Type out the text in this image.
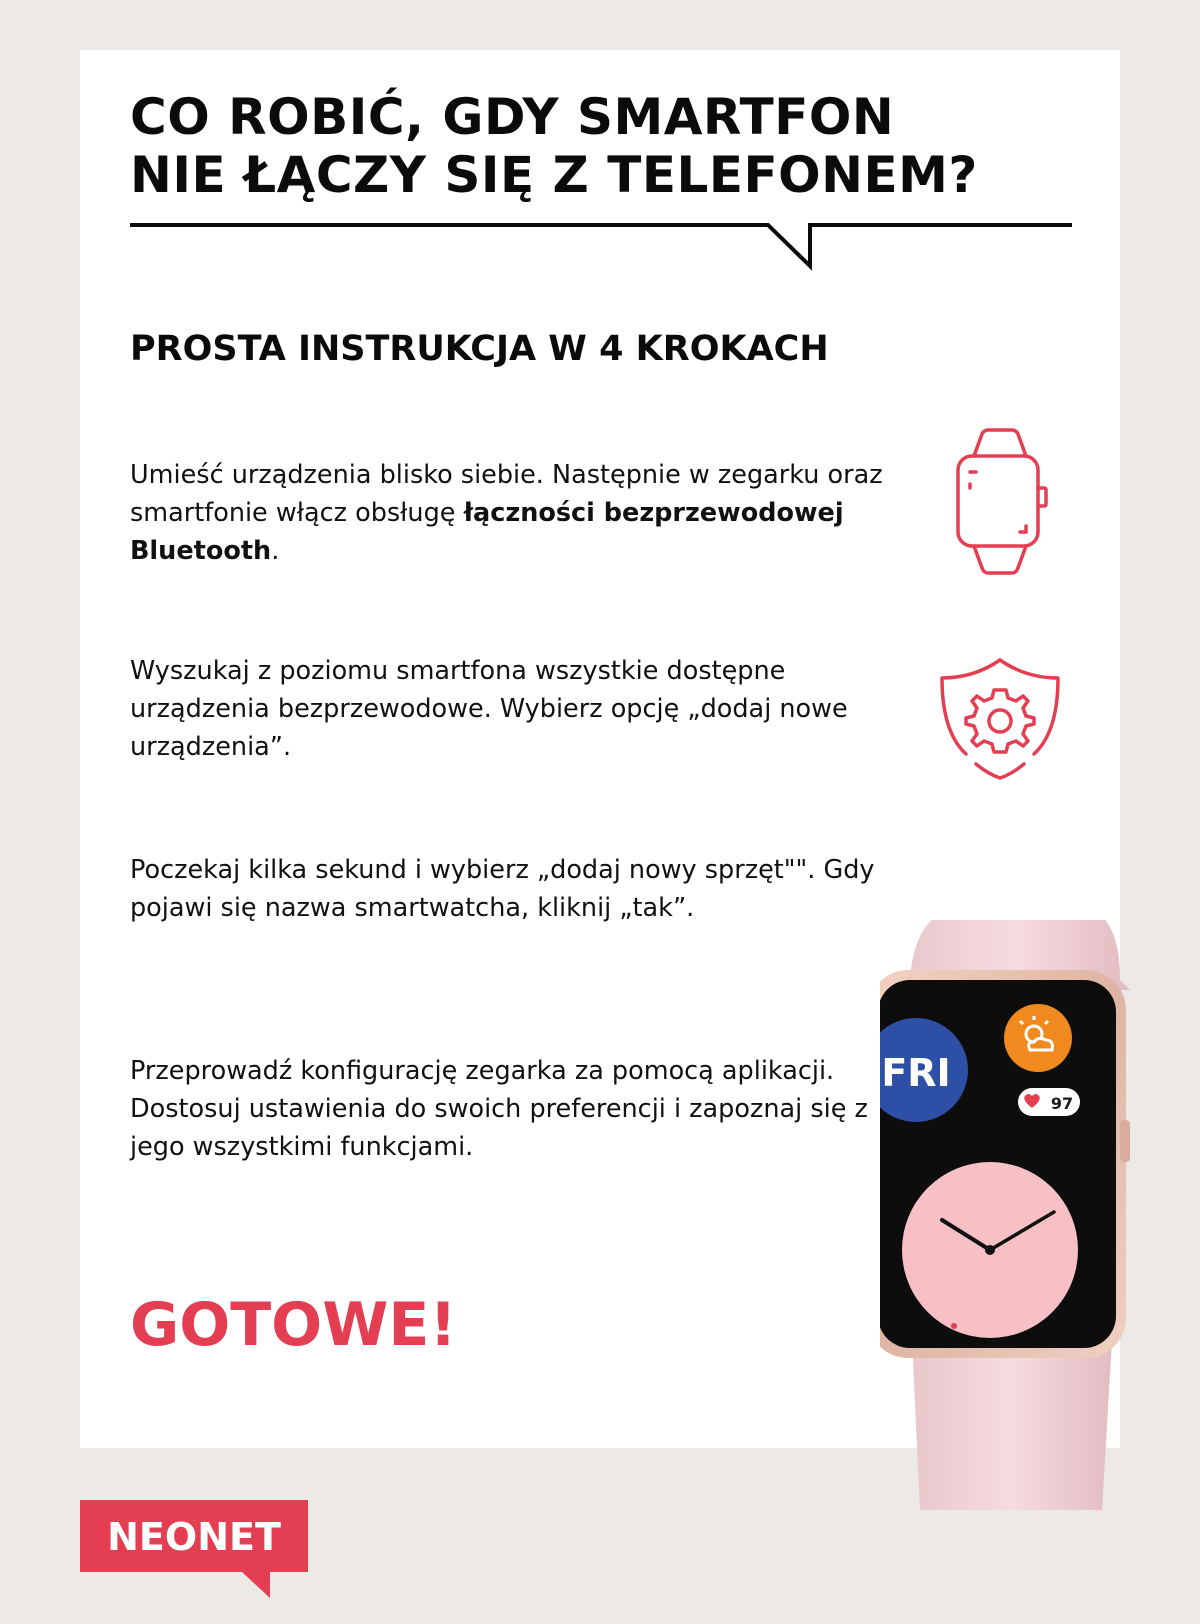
CO ROBIĆ, GDY SMARTFON
NIE ŁĄCZY SIĘ Z TELEFONEM?
PROSTA INSTRUKCJA W 4 KROKACH

Umieść urządzenia blisko siebie. Następnie w zegarku oraz smartfonie włącz obsługę łączności bezprzewodowej Bluetooth.

Wyszukaj z poziomu smartfona wszystkie dostępne urządzenia bezprzewodowe. Wybierz opcję „dodaj nowe urządzenia”.

Poczekaj kilka sekund i wybierz „dodaj nowy sprzęt"". Gdy pojawi się nazwa smartwatcha, kliknij „tak”.

Przeprowadź konfigurację zegarka za pomocą aplikacji. Dostosuj ustawienia do swoich preferencji i zapoznaj się z jego wszystkimi funkcjami.

GOTOWE!
FRI
97
NEONET
